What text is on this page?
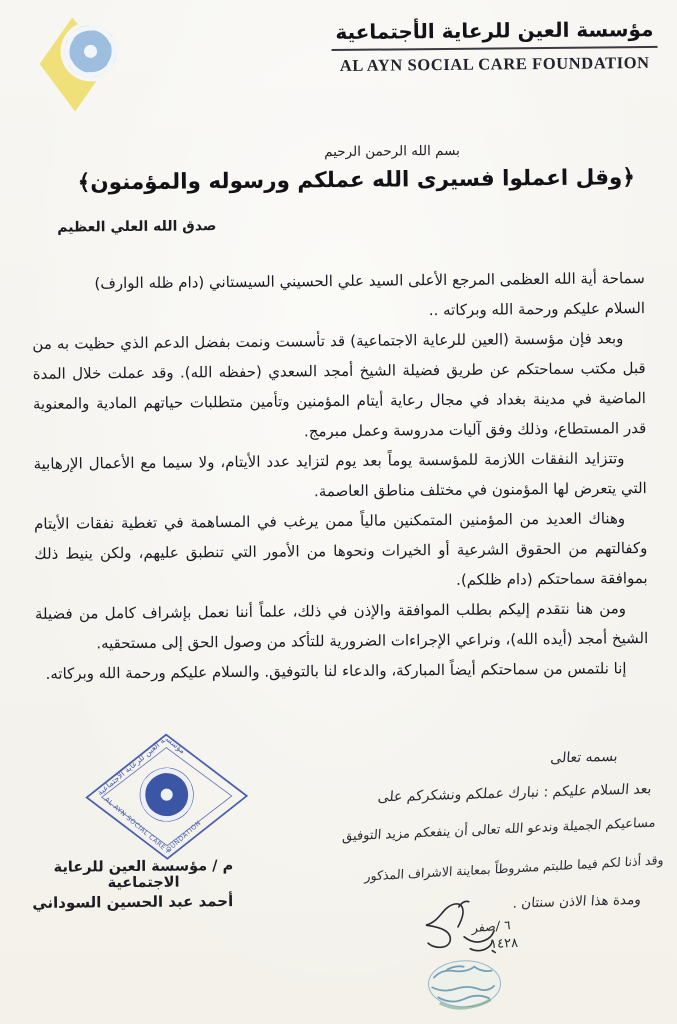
مؤسسة العين للرعاية الأجتماعية
AL AYN SOCIAL CARE FOUNDATION
بسم الله الرحمن الرحيم
﴿وقل اعملوا فسيرى الله عملكم ورسوله والمؤمنون﴾
صدق الله العلي العظيم

سماحة أية الله العظمى المرجع الأعلى السيد علي الحسيني السيستاني (دام ظله الوارف)

السلام عليكم ورحمة الله وبركاته ..

وبعد فإن مؤسسة (العين للرعاية الاجتماعية) قد تأسست ونمت بفضل الدعم الذي حظيت به من قبل مكتب سماحتكم عن طريق فضيلة الشيخ أمجد السعدي (حفظه الله). وقد عملت خلال المدة الماضية في مدينة بغداد في مجال رعاية أيتام المؤمنين وتأمين متطلبات حياتهم المادية والمعنوية قدر المستطاع، وذلك وفق آليات مدروسة وعمل مبرمج.

وتتزايد النفقات اللازمة للمؤسسة يوماً بعد يوم لتزايد عدد الأيتام، ولا سيما مع الأعمال الإرهابية التي يتعرض لها المؤمنون في مختلف مناطق العاصمة.

وهناك العديد من المؤمنين المتمكنين مالياً ممن يرغب في المساهمة في تغطية نفقات الأيتام وكفالتهم من الحقوق الشرعية أو الخيرات ونحوها من الأمور التي تنطبق عليهم، ولكن ينيط ذلك بموافقة سماحتكم (دام ظلكم).

ومن هنا نتقدم إليكم بطلب الموافقة والإذن في ذلك، علماً أننا نعمل بإشراف كامل من فضيلة الشيخ أمجد (أيده الله)، ونراعي الإجراءات الضرورية للتأكد من وصول الحق إلى مستحقيه.

إنا نلتمس من سماحتكم أيضاً المباركة، والدعاء لنا بالتوفيق. والسلام عليكم ورحمة الله وبركاته.

مؤسسة العين للرعاية الاجتماعية
AL AYN SOCIAL CARE FOUNDATION
م / مؤسسة العين للرعاية الاجتماعية
أحمد عبد الحسين السوداني
بسمه تعالى
بعد السلام عليكم : نبارك عملكم ونشكركم على
مساعيكم الجميلة وندعو الله تعالى أن ينفعكم مزيد التوفيق
وقد أذنا لكم فيما طلبتم مشروطاً بمعاينة الاشراف المذكور
ومدة هذا الاذن سنتان .
٦ /صفر
١٤٢٨
